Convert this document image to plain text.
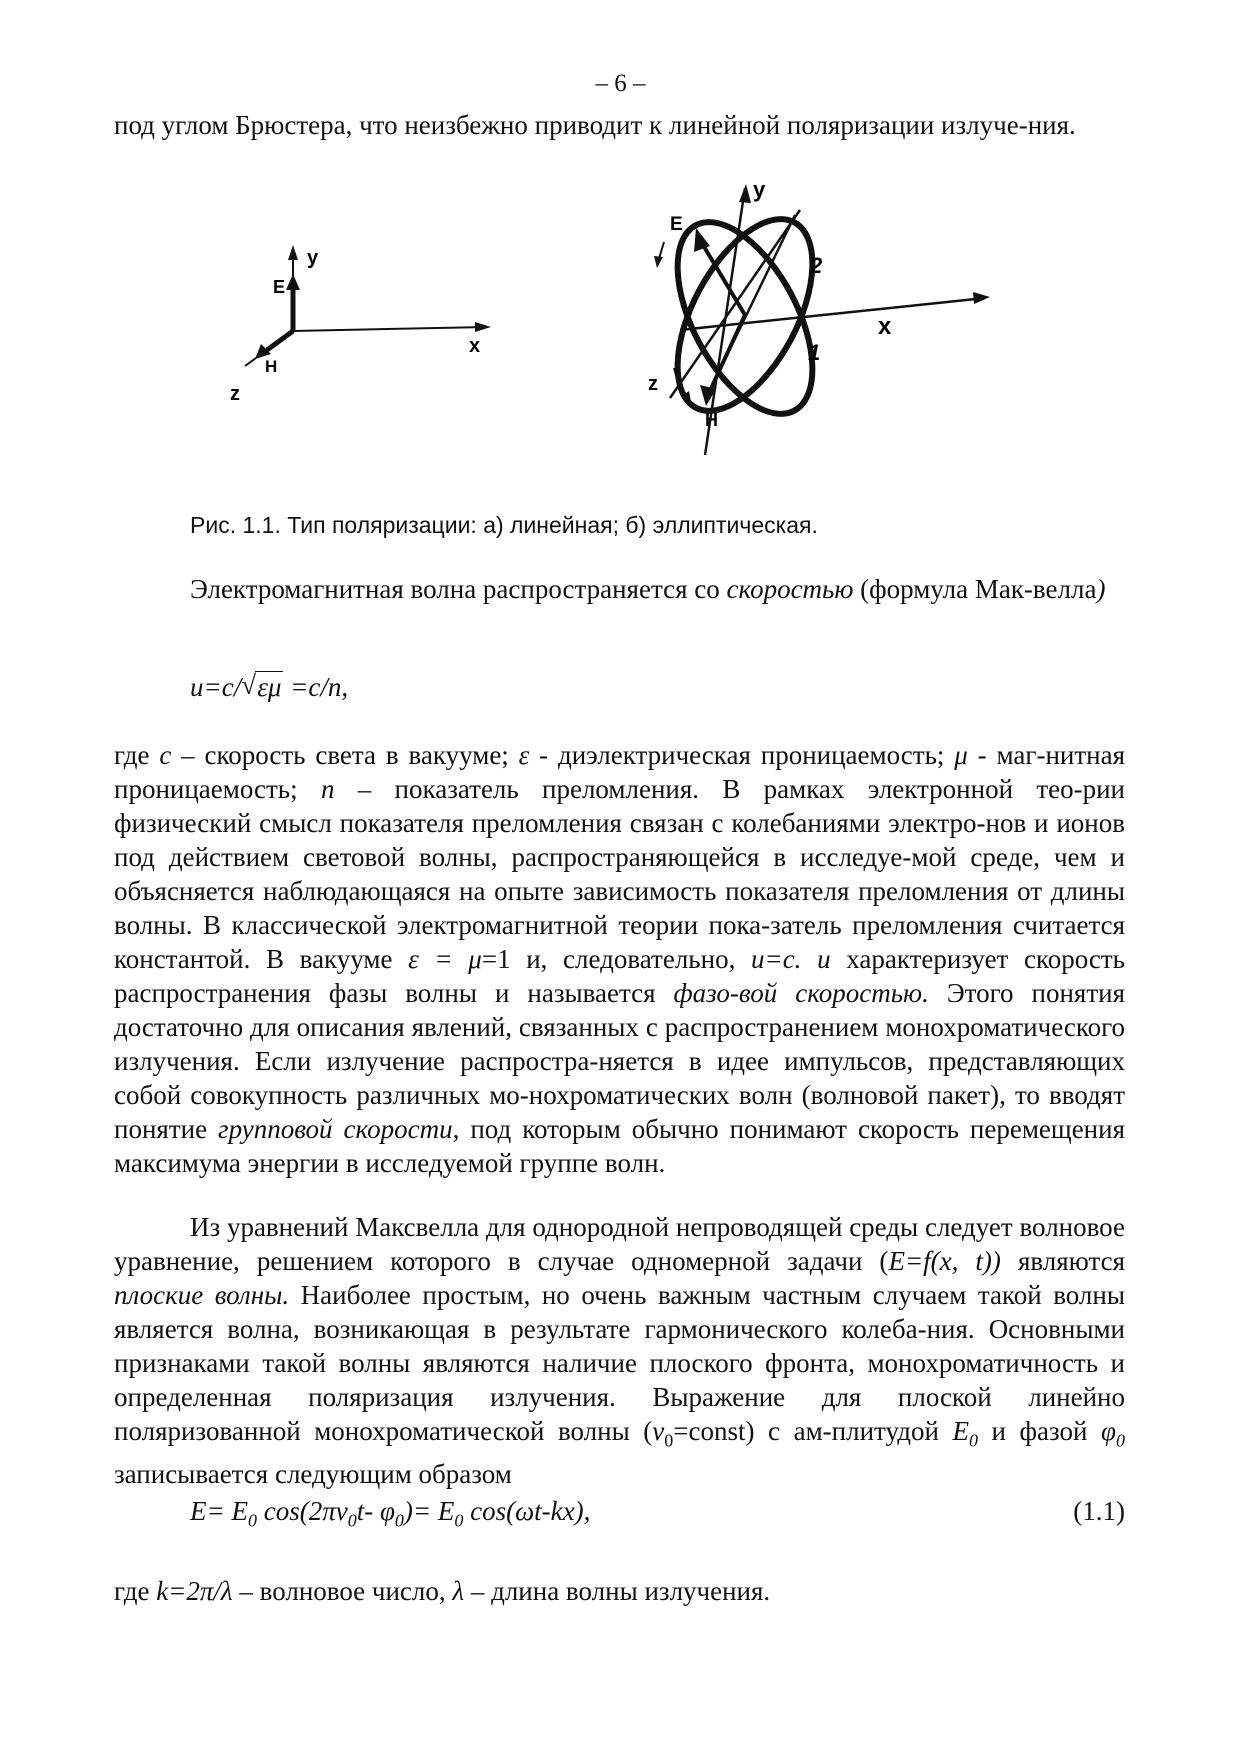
– 6 –

под углом Брюстера, что неизбежно приводит к линейной поляризации излуче-ния.

y
E
x
H
z
y
E
x
H
z
1
2
Рис. 1.1. Тип поляризации: а) линейная; б) эллиптическая.

Электромагнитная волна распространяется со скоростью (формула Мак-велла)

u=c/√ εμ =c/n,

где с – скорость света в вакууме; ε - диэлектрическая проницаемость; μ - маг-нитная проницаемость; n – показатель преломления. В рамках электронной тео-рии физический смысл показателя преломления связан с колебаниями электро-нов и ионов под действием световой волны, распространяющейся в исследуе-мой среде, чем и объясняется наблюдающаяся на опыте зависимость показателя преломления от длины волны. В классической электромагнитной теории пока-затель преломления считается константой. В вакууме ε = μ=1 и, следовательно, u=c. u характеризует скорость распространения фазы волны и называется фазо-вой скоростью. Этого понятия достаточно для описания явлений, связанных с распространением монохроматического излучения. Если излучение распростра-няется в идее импульсов, представляющих собой совокупность различных мо-нохроматических волн (волновой пакет), то вводят понятие групповой скорости, под которым обычно понимают скорость перемещения максимума энергии в исследуемой группе волн.

Из уравнений Максвелла для однородной непроводящей среды следует волновое уравнение, решением которого в случае одномерной задачи (E=f(x, t)) являются плоские волны. Наиболее простым, но очень важным частным случаем такой волны является волна, возникающая в результате гармонического колеба-ния. Основными признаками такой волны являются наличие плоского фронта, монохроматичность и определенная поляризация излучения. Выражение для плоской линейно поляризованной монохроматической волны $(\nu_0=const)$ с ам-плитудой $E_0$ и фазой $\varphi_0$ записывается следующим образом

$E= E_0$ $\cos(2\pi\nu_0t-$ $\varphi_0)= E_0$ cos(ωt-kx),	(1.1)

где k=2π/λ – волновое число, λ – длина волны излучения.
